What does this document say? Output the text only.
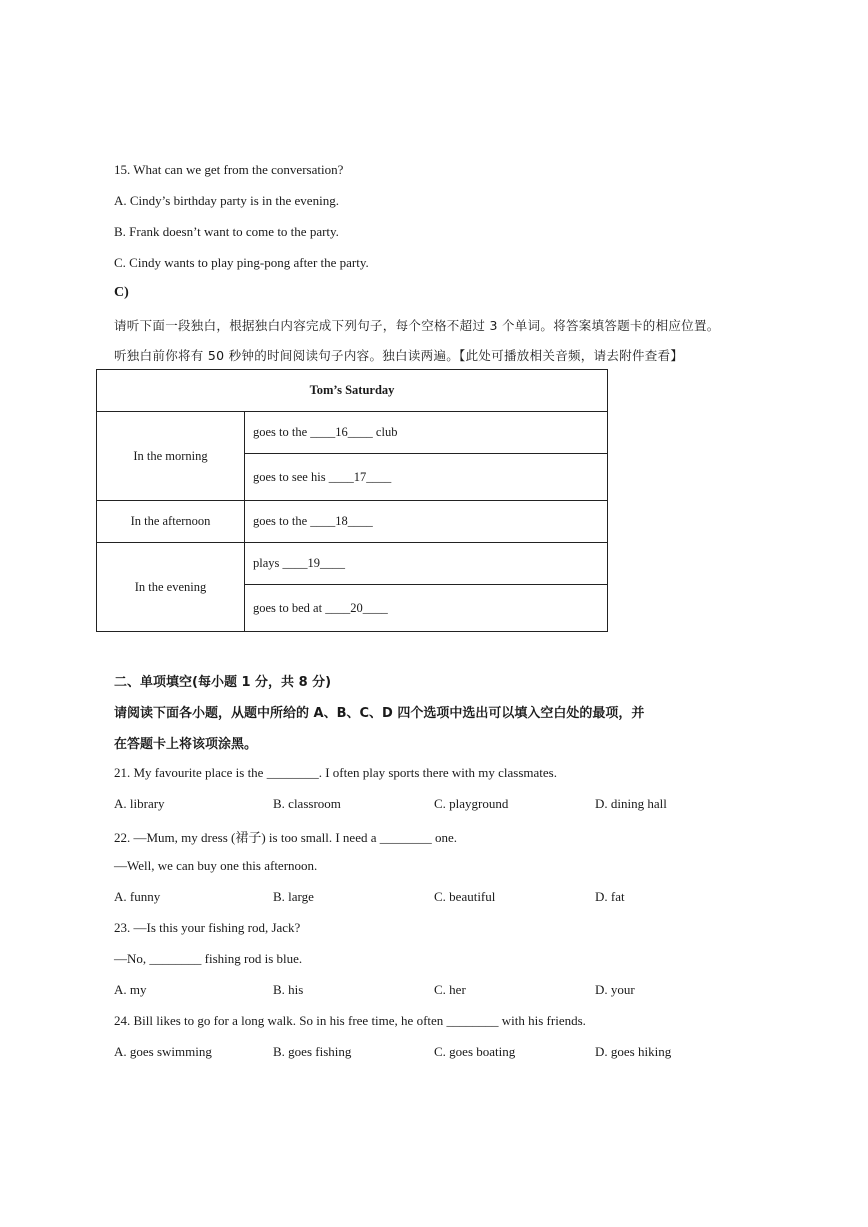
15. What can we get from the conversation?
A. Cindy’s birthday party is in the evening.
B. Frank doesn’t want to come to the party.
C. Cindy wants to play ping-pong after the party.
C)
请听下面一段独白，根据独白内容完成下列句子，每个空格不超过 3 个单词。将答案填答题卡的相应位置。
听独白前你将有 50 秒钟的时间阅读句子内容。独白读两遍。【此处可播放相关音频，请去附件查看】
Tom’s Saturday	
In the morning	goes to the ____16____ club
	goes to see his ____17____
In the afternoon	goes to the ____18____
In the evening	plays ____19____
	goes to bed at ____20____
二、单项填空(每小题 1 分，共 8 分)
请阅读下面各小题，从题中所给的 A、B、C、D 四个选项中选出可以填入空白处的最项，并
在答题卡上将该项涂黑。
21. My favourite place is the ________. I often play sports there with my classmates.
A. library	B. classroom	C. playground	D. dining hall
22. —Mum, my dress (裙子) is too small. I need a ________ one.
—Well, we can buy one this afternoon.
A. funny	B. large	C. beautiful	D. fat
23. —Is this your fishing rod, Jack?
—No, ________ fishing rod is blue.
A. my	B. his	C. her	D. your
24. Bill likes to go for a long walk. So in his free time, he often ________ with his friends.
A. goes swimming	B. goes fishing	C. goes boating	D. goes hiking
